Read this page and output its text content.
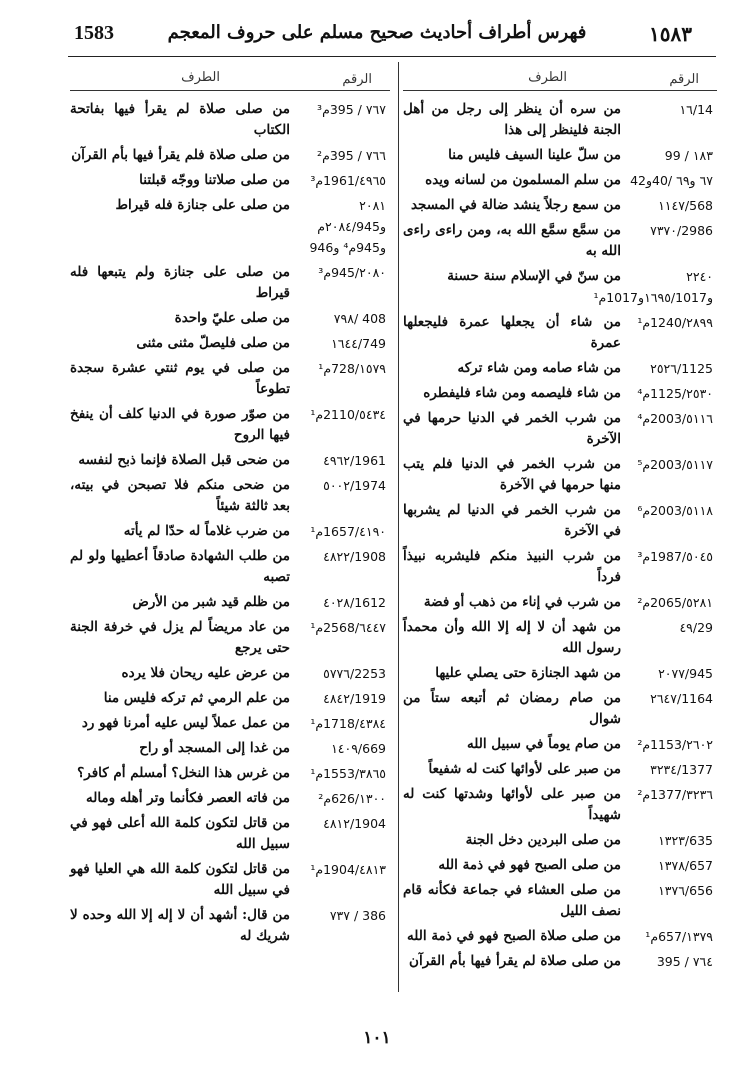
1583	فهرس أطراف أحاديث صحيح مسلم على حروف المعجم	١٥٨٣
الرقم
الطرف
14/١٦
من سره أن ينظر إلى رجل من أهل الجنة فلينظر إلى هذا
١٨٣ / 99
من سلّ علينا السيف فليس منا
٦٧ و٦٩ /40و42
من سلم المسلمون من لسانه ويده
568/١١٤٧
من سمع رجلاً ينشد ضالة في المسجد
2986/٧٣٧٠
من سمَّع سمَّع الله به، ومن راءى راءى الله به
٢٢٤٠ و١٦٩٥/1017و1017م¹
من سنّ في الإسلام سنة حسنة
٢٨٩٩/1240م¹
من شاء أن يجعلها عمرة فليجعلها عمرة
1125/٢٥٢٦
من شاء صامه ومن شاء تركه
٢٥٣٠/1125م⁴
من شاء فليصمه ومن شاء فليفطره
٥١١٦/2003م⁴
من شرب الخمر في الدنيا حرمها في الآخرة
٥١١٧/2003م⁵
من شرب الخمر في الدنيا فلم يتب منها حرمها في الآخرة
٥١١٨/2003م⁶
من شرب الخمر في الدنيا لم يشربها في الآخرة
٥٠٤٥/1987م³
من شرب النبيذ منكم فليشربه نبيذاً فرداً
٥٢٨١/2065م²
من شرب في إناء من ذهب أو فضة
29/٤٩
من شهد أن لا إله إلا الله وأن محمداً رسول الله
945/٢٠٧٧
من شهد الجنازة حتى يصلي عليها
1164/٢٦٤٧
من صام رمضان ثم أتبعه ستاً من شوال
٢٦٠٢/1153م²
من صام يوماً في سبيل الله
1377/٣٢٣٤
من صبر على لأوائها كنت له شفيعاً
٣٢٣٦/1377م²
من صبر على لأوائها وشدتها كنت له شهيداً
635/١٣٢٣
من صلى البردين دخل الجنة
657/١٣٧٨
من صلى الصبح فهو في ذمة الله
656/١٣٧٦
من صلى العشاء في جماعة فكأنه قام نصف الليل
١٣٧٩/657م¹
من صلى صلاة الصبح فهو في ذمة الله
٧٦٤ / 395
من صلى صلاة لم يقرأ فيها بأم القرآن
الرقم
الطرف
٧٦٧ / 395م³
من صلى صلاة لم يقرأ فيها بفاتحة الكتاب
٧٦٦ / 395م²
من صلى صلاة فلم يقرأ فيها بأم القرآن
٤٩٦٥/1961م³
من صلى صلاتنا ووجّه قبلتنا
٢٠٨١ و٢٠٨٤/945م و945م⁴ و946
من صلى على جنازة فله قيراط
٢٠٨٠/945م³
من صلى على جنازة ولم يتبعها فله قيراط
408 /٧٩٨
من صلى عليّ واحدة
749/١٦٤٤
من صلى فليصلّ مثنى مثنى
١٥٧٩/728م¹
من صلى في يوم ثنتي عشرة سجدة تطوعاً
٥٤٣٤/2110م¹
من صوّر صورة في الدنيا كلف أن ينفخ فيها الروح
1961/٤٩٦٢
من ضحى قبل الصلاة فإنما ذبح لنفسه
1974/٥٠٠٢
من ضحى منكم فلا تصبحن في بيته، بعد ثالثة شيئاً
٤١٩٠/1657م¹
من ضرب غلاماً له حدّا لم يأته
1908/٤٨٢٢
من طلب الشهادة صادقاً أعطيها ولو لم تصبه
1612/٤٠٢٨
من ظلم قيد شبر من الأرض
٦٤٤٧/2568م¹
من عاد مريضاً لم يزل في خرفة الجنة حتى يرجع
2253/٥٧٧٦
من عرض عليه ريحان فلا يرده
1919/٤٨٤٢
من علم الرمي ثم تركه فليس منا
٤٣٨٤/1718م¹
من عمل عملاً ليس عليه أمرنا فهو رد
669/١٤٠٩
من غدا إلى المسجد أو راح
٣٨٦٥/1553م¹
من غرس هذا النخل؟ أمسلم أم كافر؟
١٣٠٠/626م²
من فاته العصر فكأنما وتر أهله وماله
1904/٤٨١٢
من قاتل لتكون كلمة الله أعلى فهو في سبيل الله
٤٨١٣/1904م¹
من قاتل لتكون كلمة الله هي العليا فهو في سبيل الله
386 / ٧٣٧
من قال: أشهد أن لا إله إلا الله وحده لا شريك له
١٠١
